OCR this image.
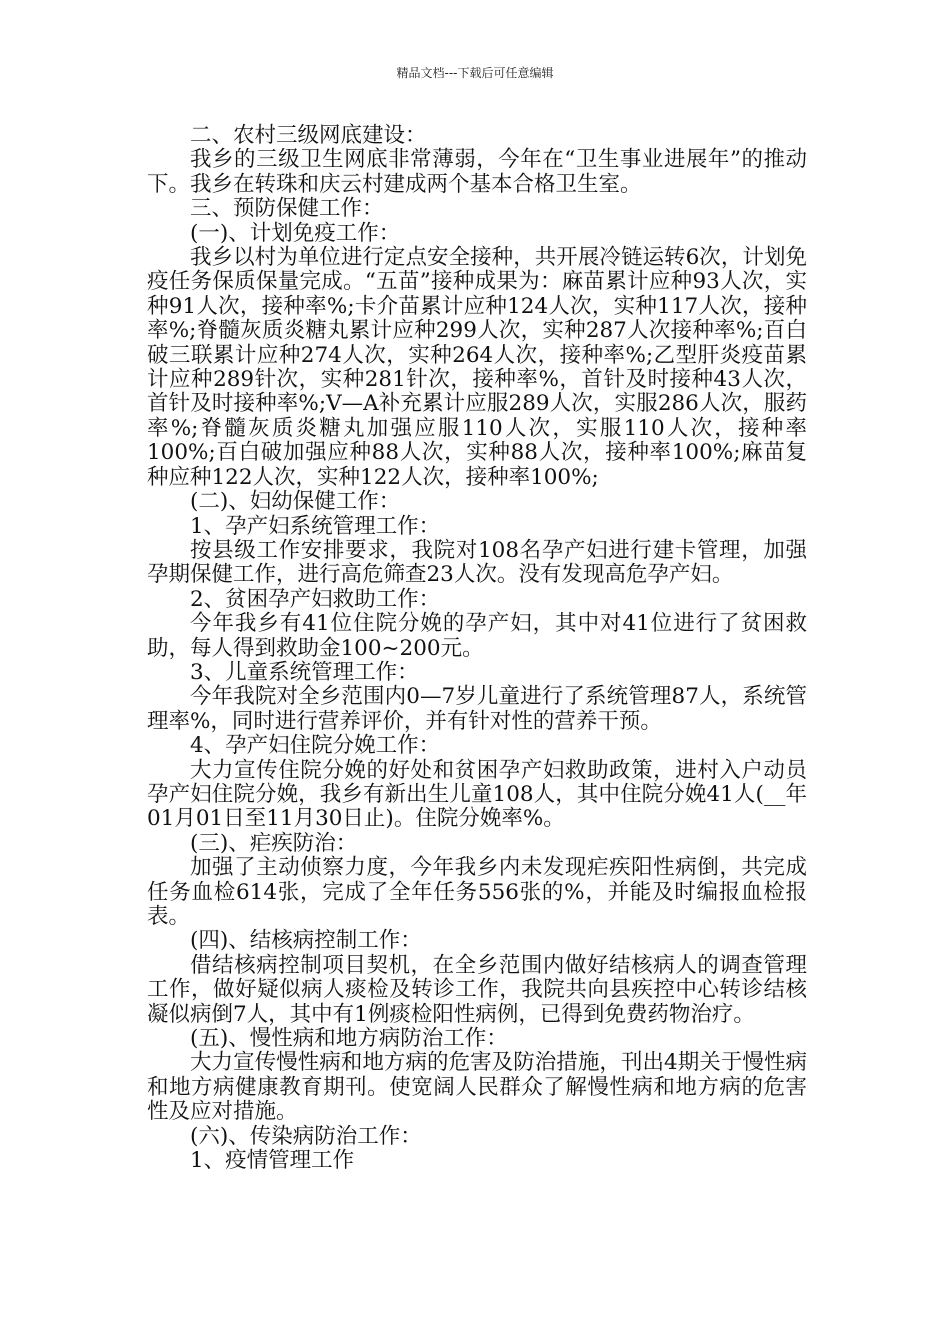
精品文档---下载后可任意编辑

二、农村三级网底建设：

我乡的三级卫生网底非常薄弱，今年在“卫生事业进展年”的推动下。我乡在转珠和庆云村建成两个基本合格卫生室。

三、预防保健工作：

(一)、计划免疫工作：

我乡以村为单位进行定点安全接种，共开展冷链运转6次，计划免疫任务保质保量完成。“五苗”接种成果为：麻苗累计应种93人次，实种91人次，接种率%;卡介苗累计应种124人次，实种117人次，接种率%;脊髓灰质炎糖丸累计应种299人次，实种287人次接种率%;百白破三联累计应种274人次，实种264人次，接种率%;乙型肝炎疫苗累计应种289针次，实种281针次，接种率%，首针及时接种43人次，首针及时接种率%;V—A补充累计应服289人次，实服286人次，服药率%;脊髓灰质炎糖丸加强应服110人次，实服110人次，接种率100%;百白破加强应种88人次，实种88人次，接种率100%;麻苗复种应种122人次，实种122人次，接种率100%;

(二)、妇幼保健工作：

1、孕产妇系统管理工作：

按县级工作安排要求，我院对108名孕产妇进行建卡管理，加强孕期保健工作，进行高危筛查23人次。没有发现高危孕产妇。

2、贫困孕产妇救助工作：

今年我乡有41位住院分娩的孕产妇，其中对41位进行了贫困救助，每人得到救助金100~200元。

3、儿童系统管理工作：

今年我院对全乡范围内0—7岁儿童进行了系统管理87人，系统管理率%，同时进行营养评价，并有针对性的营养干预。

4、孕产妇住院分娩工作：

大力宣传住院分娩的好处和贫困孕产妇救助政策，进村入户动员孕产妇住院分娩，我乡有新出生儿童108人，其中住院分娩41人(__年01月01日至11月30日止)。住院分娩率%。

(三)、疟疾防治：

加强了主动侦察力度，今年我乡内未发现疟疾阳性病倒，共完成任务血检614张，完成了全年任务556张的%，并能及时编报血检报表。

(四)、结核病控制工作：

借结核病控制项目契机，在全乡范围内做好结核病人的调查管理工作，做好疑似病人痰检及转诊工作，我院共向县疾控中心转诊结核凝似病倒7人，其中有1例痰检阳性病例，已得到免费药物治疗。

(五)、慢性病和地方病防治工作：

大力宣传慢性病和地方病的危害及防治措施，刊出4期关于慢性病和地方病健康教育期刊。使宽阔人民群众了解慢性病和地方病的危害性及应对措施。

(六)、传染病防治工作：

1、疫情管理工作
